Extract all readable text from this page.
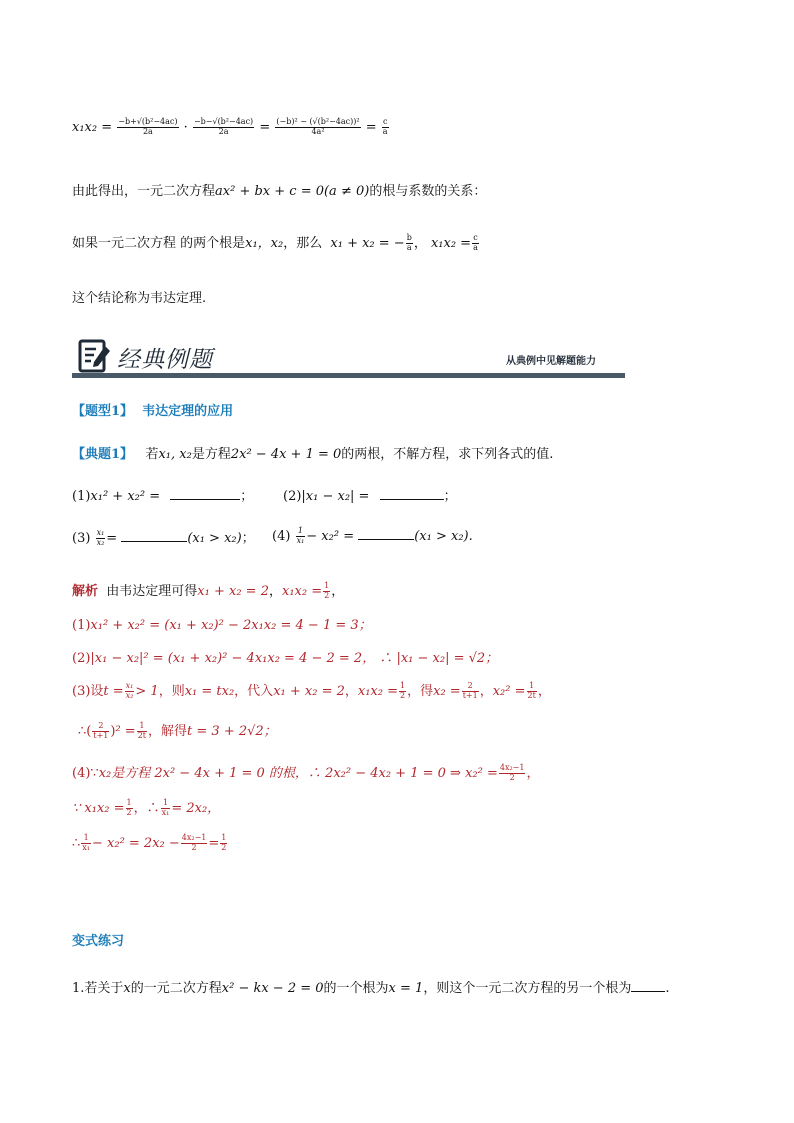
$x_1x_2 = \frac{\text{−b+√(b²−4ac)}}{2a} \cdot \frac{\text{−b−√(b²−4ac)}}{2a} = \frac{\text{(−b)² − (√(b²−4ac))²}}{\text{4a²}} = \frac{c}{a}$
由此得出，一元二次方程ax² + bx + c = 0(a ≠ 0)的根与系数的关系：
如果一元二次方程 的两个根是x₁，x₂，那么 x₁ + x₂ = − $\frac{b}{a}$ ， $x_1x_2 = \frac{c}{a}$
这个结论称为韦达定理.
经典例题	从典例中见解题能力
【题型1】 韦达定理的应用
【典题1】 若x₁, x₂是方程2x² − 4x + 1 = 0的两根，不解方程，求下列各式的值.
(1)x₁² + x₂² =	； (2)|x₁ − x₂| =	；
$(3) \frac{\text{x₁}}{\text{x₂}}$ =	(x₁ > x₂)； $(4) \frac{1}{\text{x₁}} - x_2^2$ =	(x₁ > x₂).
解析 由韦达定理可得x₁ + x₂ = 2，$x_1x_2 = \frac{1}{2}$ ，
(1)x₁² + x₂² = (x₁ + x₂)² − 2x₁x₂ = 4 − 1 = 3；
(2)|x₁ − x₂|² = (x₁ + x₂)² − 4x₁x₂ = 4 − 2 = 2， ∴ |x₁ − x₂| = √2；
(3)设$t = \frac{\text{x₁}}{\text{x₂}} > 1$，则x₁ = tx₂，代入x₁ + x₂ = 2，$x_1x_2 = \frac{1}{2}$ ，得$x_2 = \frac{2}{t+1}$ ，$x_2^2 = \frac{1}{2t}$ ，
∴( $\frac{2}{t+1} )^2 = \frac{1}{2t}$ ，解得t = 3 + 2√2；
(4)∵x₂是方程 2x² − 4x + 1 = 0 的根，∴ 2x₂² − 4x₂ + 1 = 0 ⇒ $x_2^2 = \frac{\text{4x₂−1}}{2}$ ，
∵ $x_1x_2 = \frac{1}{2}$ ，∴ $\frac{1}{\text{x₁}} = 2x_2$，
∴ $\frac{1}{\text{x₁}} - x_2^2 = 2x_2 - \frac{\text{4x₂−1}}{2} = \frac{1}{2}$
变式练习
1.若关于x的一元二次方程x² − kx − 2 = 0的一个根为x = 1，则这个一元二次方程的另一个根为	.
